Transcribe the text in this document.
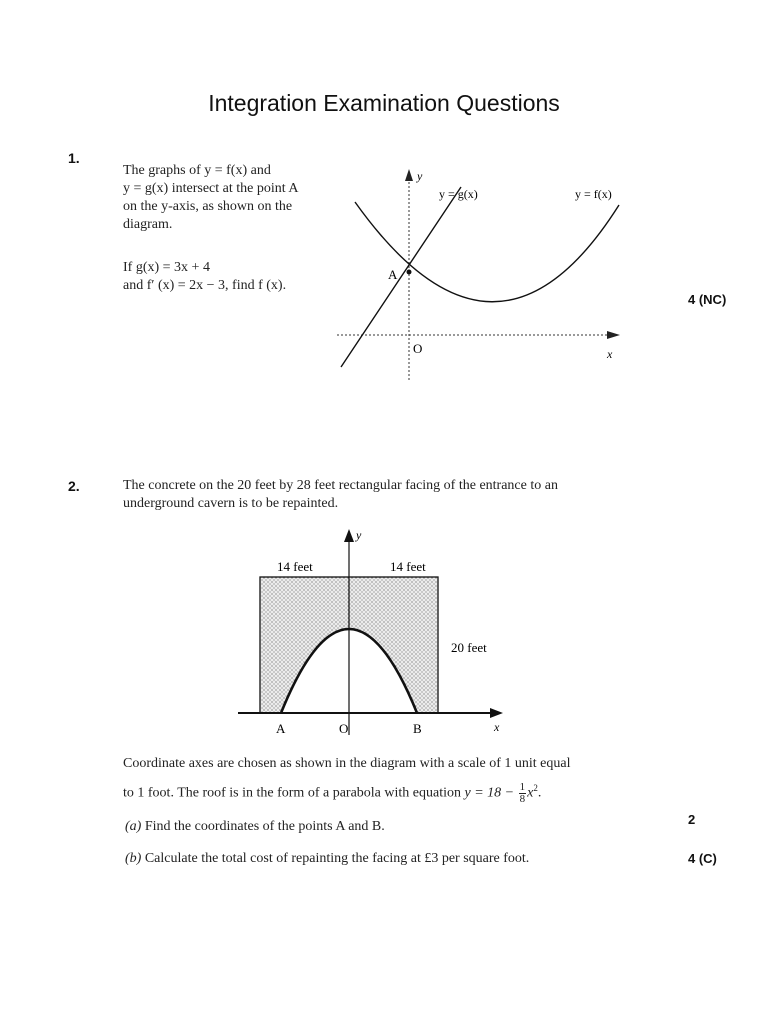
Integration Examination Questions
1.
The graphs of y = f(x) and
y = g(x) intersect at the point A
on the y-axis, as shown on the
diagram.
If g(x) = 3x + 4
and f′ (x) = 2x − 3, find f (x).
4 (NC)
y
x
O
A
y = g(x)	y = f(x)
2.	The concrete on the 20 feet by 28 feet rectangular facing of the entrance to an
underground cavern is to be repainted.
y
x
14 feet	14 feet
20 feet
A	O	B
Coordinate axes are chosen as shown in the diagram with a scale of 1 unit equal
to 1 foot. The roof is in the form of a parabola with equation $y = 18 - \frac{1}{8} x^2$.
(a) Find the coordinates of the points A and B.	2
(b) Calculate the total cost of repainting the facing at £3 per square foot.	4 (C)
